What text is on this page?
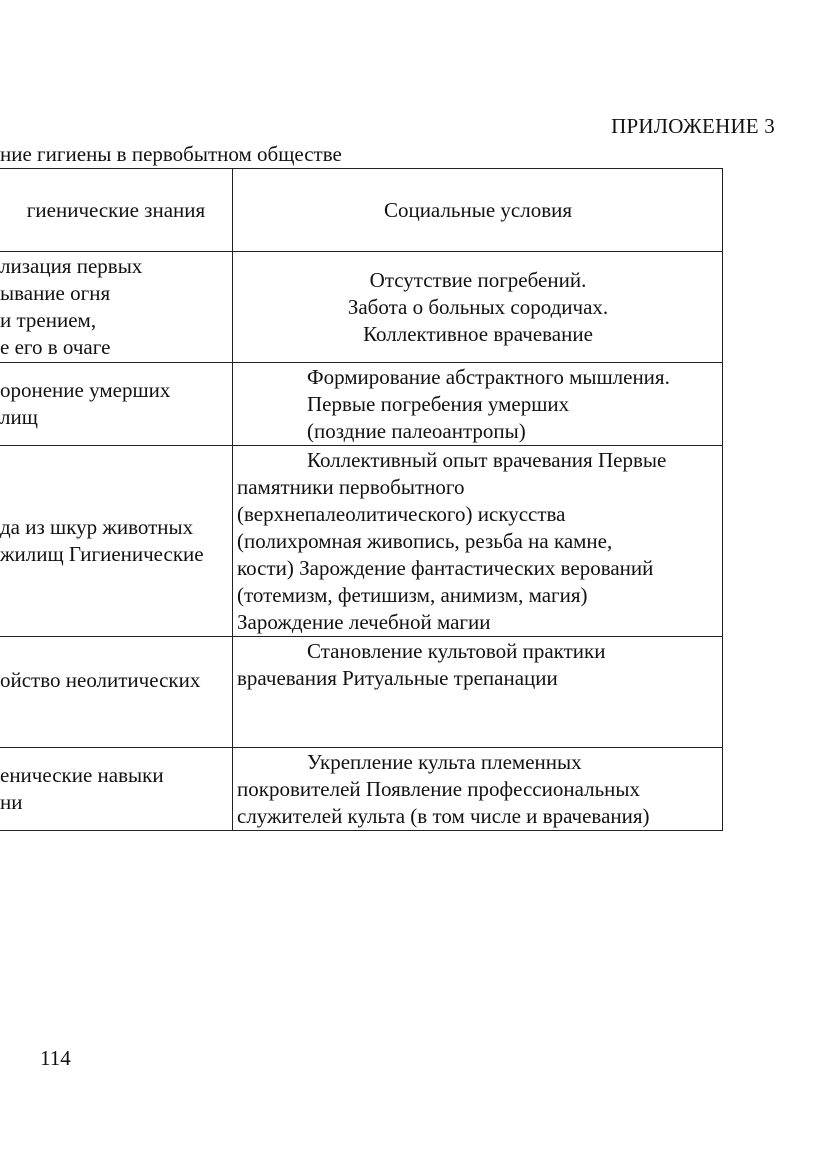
ПРИЛОЖЕНИЕ 3
ние гигиены в первобытном обществе
гиенические знания	Социальные условия
лизация первых
ывание огня
и трением,
е его в очаге
Отсутствие погребений.
Забота о больных сородичах.
Коллективное врачевание
оронение умерших
лищ
Формирование абстрактного мышления.
Первые погребения умерших
(поздние палеоантропы)
да из шкур животных
жилищ Гигиенические
Коллективный опыт врачевания Первые
памятники первобытного
(верхнепалеолитического) искусства
(полихромная живопись, резьба на камне,
кости) Зарождение фантастических верований
(тотемизм, фетишизм, анимизм, магия)
Зарождение лечебной магии
ойство неолитических
Становление культовой практики
врачевания Ритуальные трепанации
енические навыки
ни
Укрепление культа племенных
покровителей Появление профессиональных
служителей культа (в том числе и врачевания)
114
